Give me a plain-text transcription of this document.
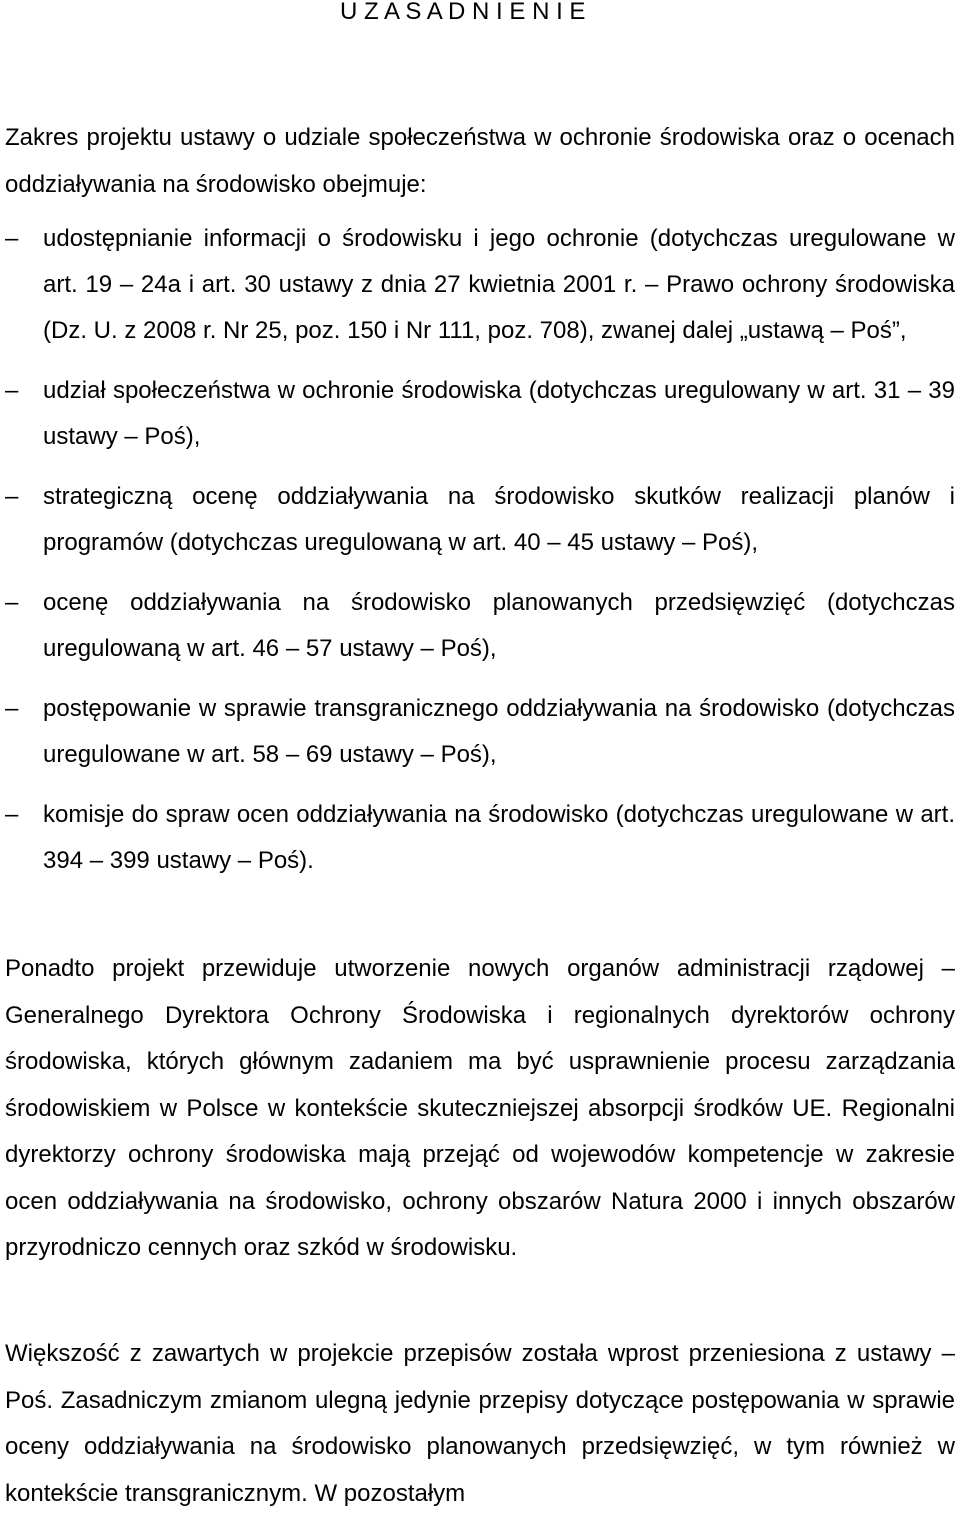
U Z A S A D N I E N I E

Zakres projektu ustawy o udziale społeczeństwa w ochronie środowiska oraz o ocenach oddziaływania na środowisko obejmuje:

–	udostępnianie informacji o środowisku i jego ochronie (dotychczas uregulowane w art. 19 – 24a i art. 30 ustawy z dnia 27 kwietnia 2001 r. – Prawo ochrony środowiska (Dz. U. z 2008 r. Nr 25, poz. 150 i Nr 111, poz. 708), zwanej dalej „ustawą – Poś”,
–	udział społeczeństwa w ochronie środowiska (dotychczas uregulowany w art. 31 – 39 ustawy – Poś),
–	strategiczną ocenę oddziaływania na środowisko skutków realizacji planów i programów (dotychczas uregulowaną w art. 40 – 45 ustawy – Poś),
–	ocenę oddziaływania na środowisko planowanych przedsięwzięć (dotychczas uregulowaną w art. 46 – 57 ustawy – Poś),
–	postępowanie w sprawie transgranicznego oddziaływania na środowisko (dotychczas uregulowane w art. 58 – 69 ustawy – Poś),
–	komisje do spraw ocen oddziaływania na środowisko (dotychczas uregulowane w art. 394 – 399 ustawy – Poś).

Ponadto projekt przewiduje utworzenie nowych organów administracji rządowej – Generalnego Dyrektora Ochrony Środowiska i regionalnych dyrektorów ochrony środowiska, których głównym zadaniem ma być usprawnienie procesu zarządzania środowiskiem w Polsce w kontekście skuteczniejszej absorpcji środków UE. Regionalni dyrektorzy ochrony środowiska mają przejąć od wojewodów kompetencje w zakresie ocen oddziaływania na środowisko, ochrony obszarów Natura 2000 i innych obszarów przyrodniczo cennych oraz szkód w środowisku.

Większość z zawartych w projekcie przepisów została wprost przeniesiona z ustawy – Poś. Zasadniczym zmianom ulegną jedynie przepisy dotyczące postępowania w sprawie oceny oddziaływania na środowisko planowanych przedsięwzięć, w tym również w kontekście transgranicznym. W pozostałym
